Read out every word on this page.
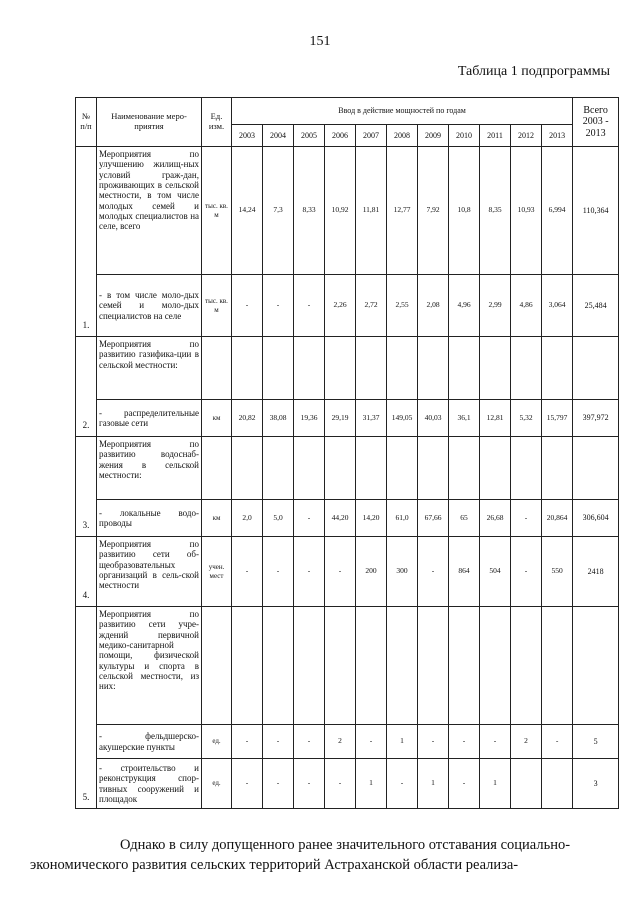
151
Таблица 1 подпрограммы
№ п/п	Наименование меро-приятия	Ед. изм.	Ввод в действие мощностей по годам											Всего 2003 - 2013
			2003	2004	2005	2006	2007	2008	2009	2010	2011	2012	2013	
1.	Мероприятия по улучшению жилищ-ных условий граж-дан, проживающих в сельской местности, в том числе молодых семей и молодых специалистов на селе, всего	тыс. кв. м	14,24	7,3	8,33	10,92	11,81	12,77	7,92	10,8	8,35	10,93	6,994	110,364
	- в том числе моло-дых семей и моло-дых специалистов на селе	тыс. кв. м	-	-	-	2,26	2,72	2,55	2,08	4,96	2,99	4,86	3,064	25,484
2.	Мероприятия по развитию газифика-ции в сельской местности:													
	- распределительные газовые сети	км	20,82	38,08	19,36	29,19	31,37	149,05	40,03	36,1	12,81	5,32	15,797	397,972
3.	Мероприятия по развитию водоснаб-жения в сельской местности:													
	- локальные водо-проводы	км	2,0	5,0	-	44,20	14,20	61,0	67,66	65	26,68	-	20,864	306,604
4.	Мероприятия по развитию сети об-щеобразовательных организаций в сель-ской местности	учен. мест	-	-	-	-	200	300	-	864	504	-	550	2418
5.	Мероприятия по развитию сети учре-ждений первичной медико-санитарной помощи, физической культуры и спорта в сельской местности, из них:													
	- фельдшерско-акушерские пункты	ед.	-	-	-	2	-	1	-	-	-	2	-	5
	- строительство и реконструкция спор-тивных сооружений и площадок	ед.	-	-	-	-	1	-	1	-	1			3
Однако в силу допущенного ранее значительного отставания социально-
экономического развития сельских территорий Астраханской области реализа-
